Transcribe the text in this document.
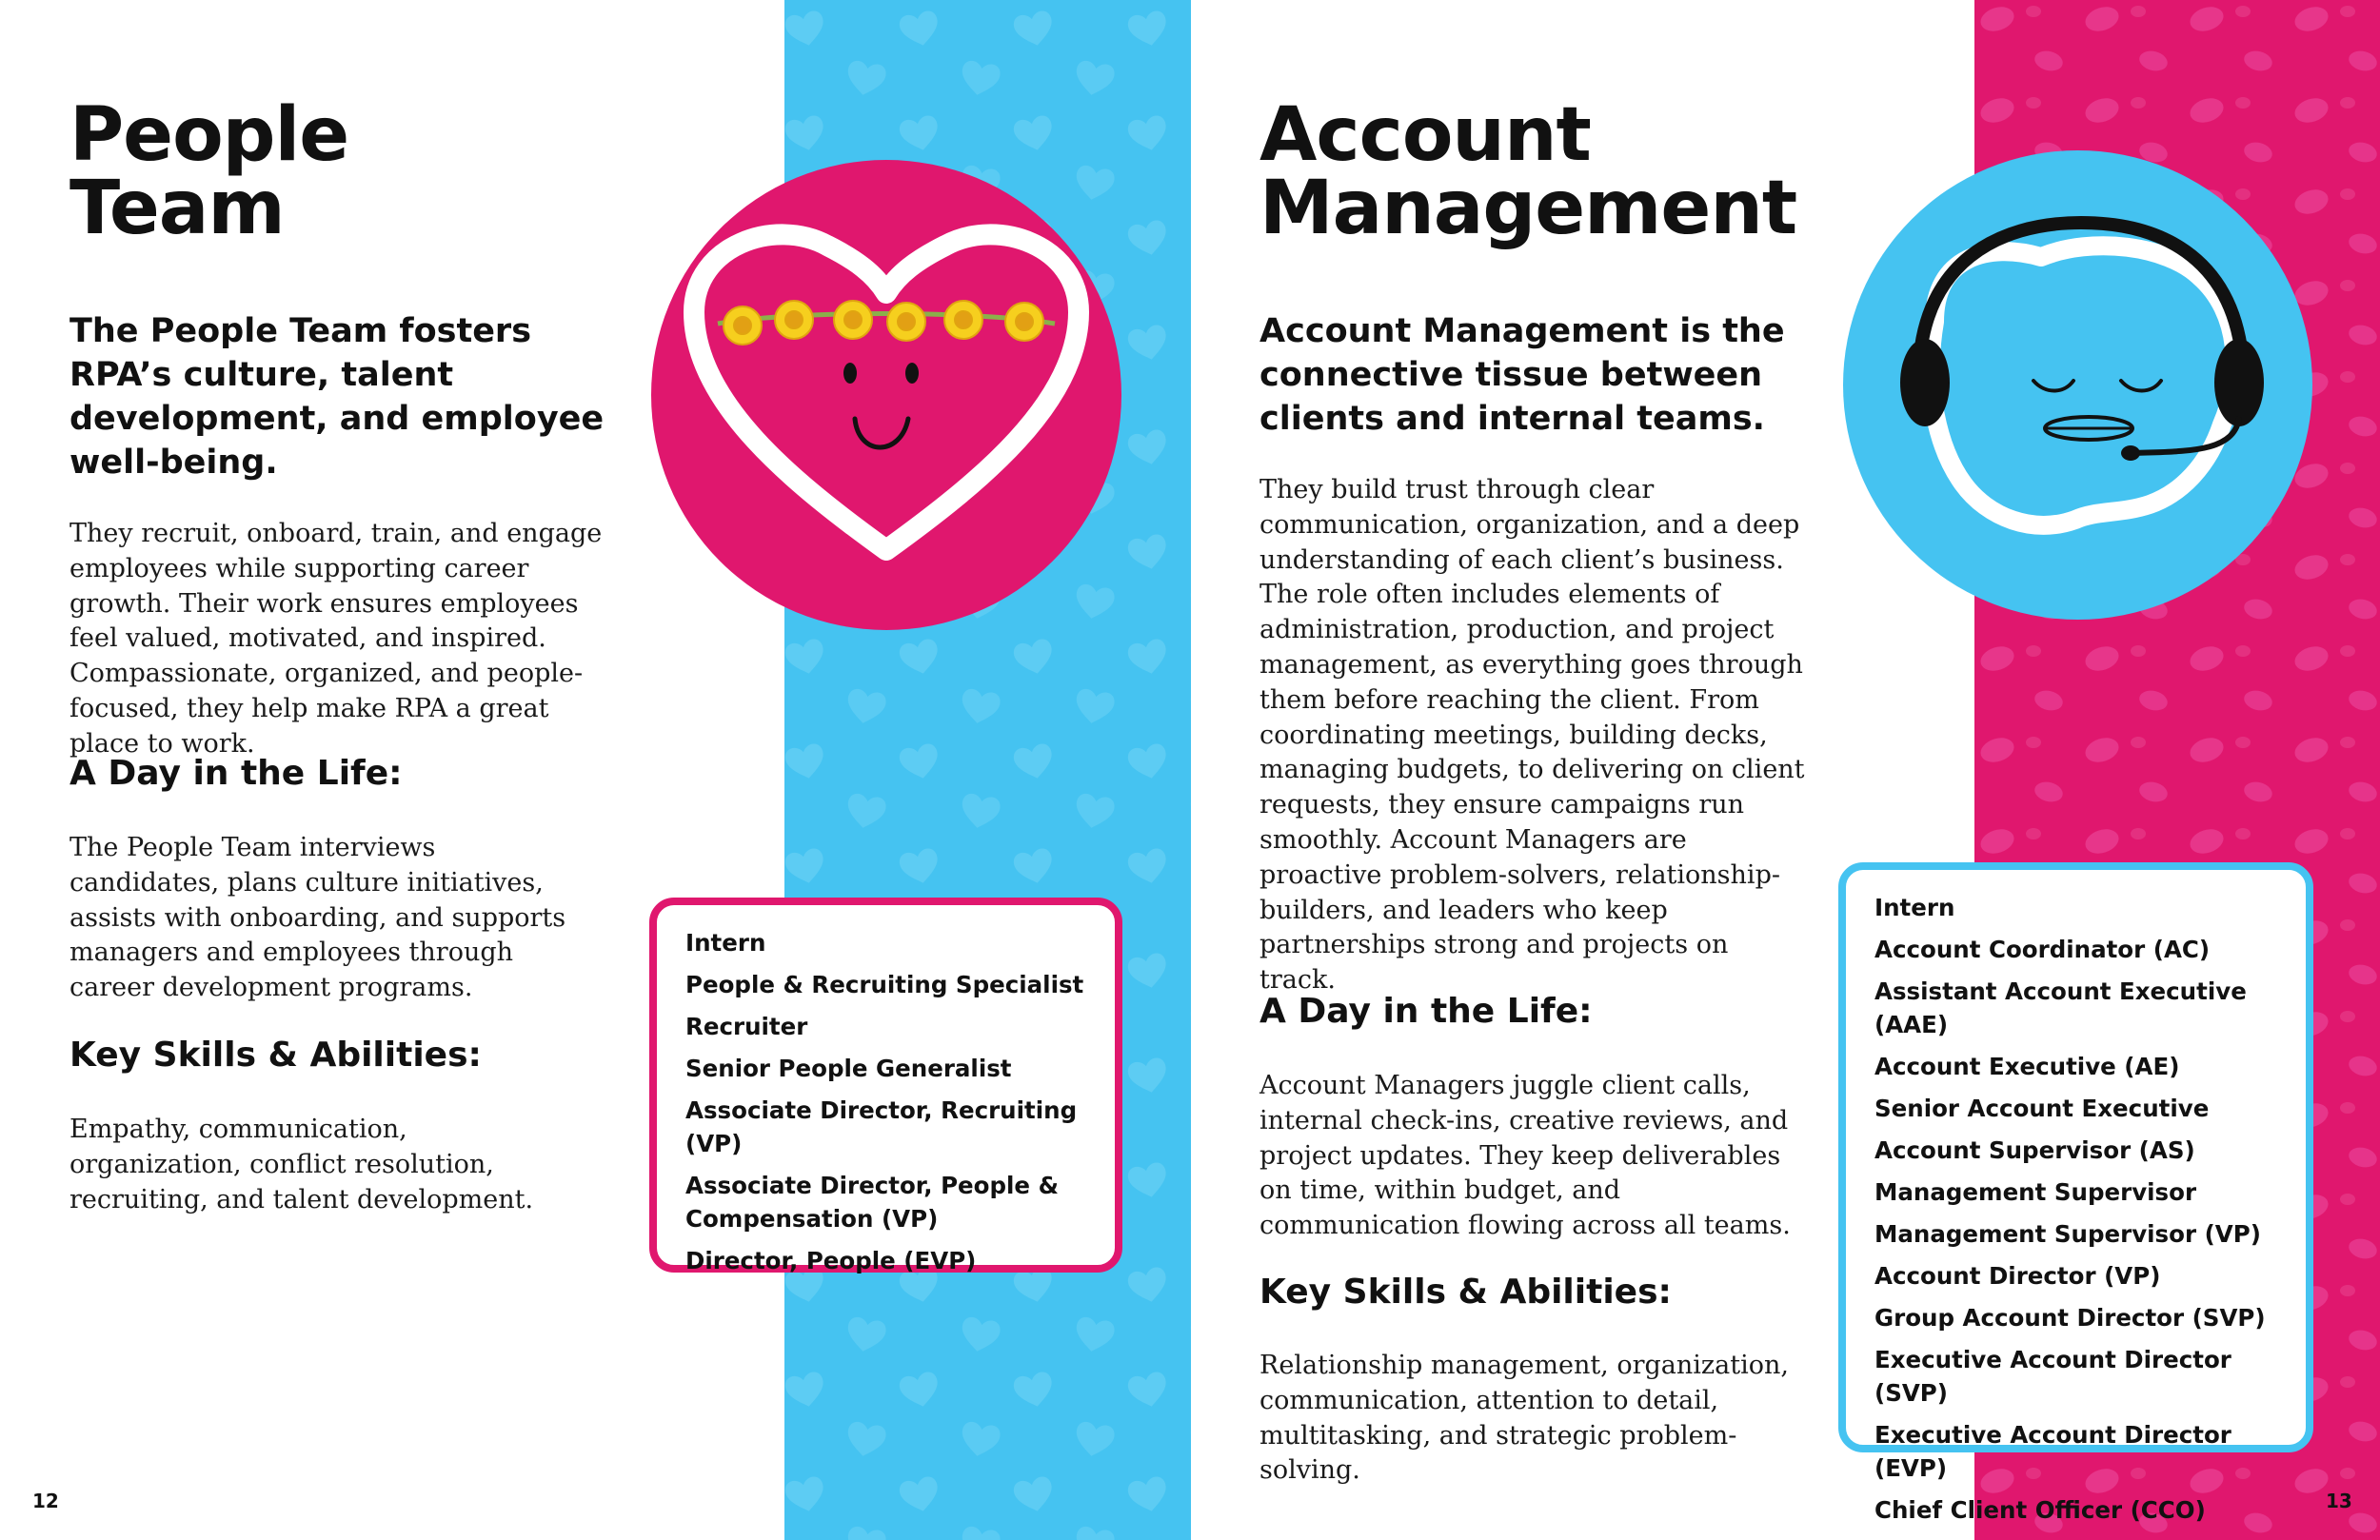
People
Team

The People Team fosters RPA’s culture, talent development, and employee well-being.

They recruit, onboard, train, and engage employees while supporting career growth. Their work ensures employees feel valued, motivated, and inspired. Compassionate, organized, and people-focused, they help make RPA a great place to work.

A Day in the Life:

The People Team interviews candidates, plans culture initiatives, assists with onboarding, and supports managers and employees through career development programs.

Key Skills & Abilities:

Empathy, communication, organization, conflict resolution, recruiting, and talent development.

Intern
People & Recruiting Specialist
Recruiter
Senior People Generalist
Associate Director, Recruiting (VP)
Associate Director, People & Compensation (VP)
Director, People (EVP)
12
Account
Management

Account Management is the connective tissue between clients and internal teams.

They build trust through clear communication, organization, and a deep understanding of each client’s business. The role often includes elements of administration, production, and project management, as everything goes through them before reaching the client. From coordinating meetings, building decks, managing budgets, to delivering on client requests, they ensure campaigns run smoothly. Account Managers are proactive problem-solvers, relationship-builders, and leaders who keep partnerships strong and projects on track.

A Day in the Life:

Account Managers juggle client calls, internal check-ins, creative reviews, and project updates. They keep deliverables on time, within budget, and communication flowing across all teams.

Key Skills & Abilities:

Relationship management, organization, communication, attention to detail, multitasking, and strategic problem-solving.

Intern
Account Coordinator (AC)
Assistant Account Executive (AAE)
Account Executive (AE)
Senior Account Executive
Account Supervisor (AS)
Management Supervisor
Management Supervisor (VP)
Account Director (VP)
Group Account Director (SVP)
Executive Account Director (SVP)
Executive Account Director (EVP)
Chief Client Officer (CCO)	13
